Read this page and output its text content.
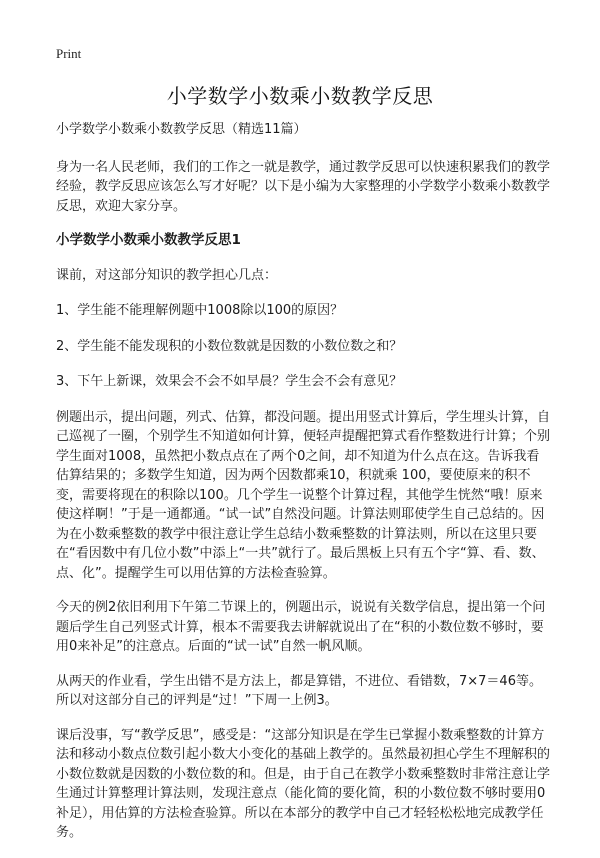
Print
小学数学小数乘小数教学反思

小学数学小数乘小数教学反思（精选11篇）

身为一名人民老师，我们的工作之一就是教学，通过教学反思可以快速积累我们的教学经验，教学反思应该怎么写才好呢？以下是小编为大家整理的小学数学小数乘小数教学反思，欢迎大家分享。

小学数学小数乘小数教学反思1

课前，对这部分知识的教学担心几点：

1、学生能不能理解例题中1008除以100的原因？

2、学生能不能发现积的小数位数就是因数的小数位数之和？

3、下午上新课，效果会不会不如早晨？学生会不会有意见？

例题出示，提出问题，列式、估算，都没问题。提出用竖式计算后，学生埋头计算，自己巡视了一圈，个别学生不知道如何计算，便轻声提醒把算式看作整数进行计算；个别学生面对1008，虽然把小数点点在了两个0之间，却不知道为什么点在这。告诉我看估算结果的；多数学生知道，因为两个因数都乘10，积就乘 100，要使原来的积不变，需要将现在的积除以100。几个学生一说整个计算过程，其他学生恍然“哦！原来使这样啊！”于是一通都通。“试一试”自然没问题。计算法则耶使学生自己总结的。因为在小数乘整数的教学中很注意让学生总结小数乘整数的计算法则，所以在这里只要在“看因数中有几位小数”中添上“一共”就行了。最后黑板上只有五个字“算、看、数、点、化”。提醒学生可以用估算的方法检查验算。

今天的例2依旧利用下午第二节课上的，例题出示，说说有关数学信息，提出第一个问题后学生自己列竖式计算，根本不需要我去讲解就说出了在“积的小数位数不够时，要用0来补足”的注意点。后面的“试一试”自然一帆风顺。

从两天的作业看，学生出错不是方法上，都是算错，不进位、看错数，7×7＝46等。所以对这部分自己的评判是“过！”下周一上例3。

课后没事，写“教学反思”，感受是：“这部分知识是在学生已掌握小数乘整数的计算方法和移动小数点位数引起小数大小变化的基础上教学的。虽然最初担心学生不理解积的小数位数就是因数的小数位数的和。但是，由于自己在教学小数乘整数时非常注意让学生通过计算整理计算法则，发现注意点（能化简的要化简，积的小数位数不够时要用0补足），用估算的方法检查验算。所以在本部分的教学中自己才轻轻松松地完成教学任务。
